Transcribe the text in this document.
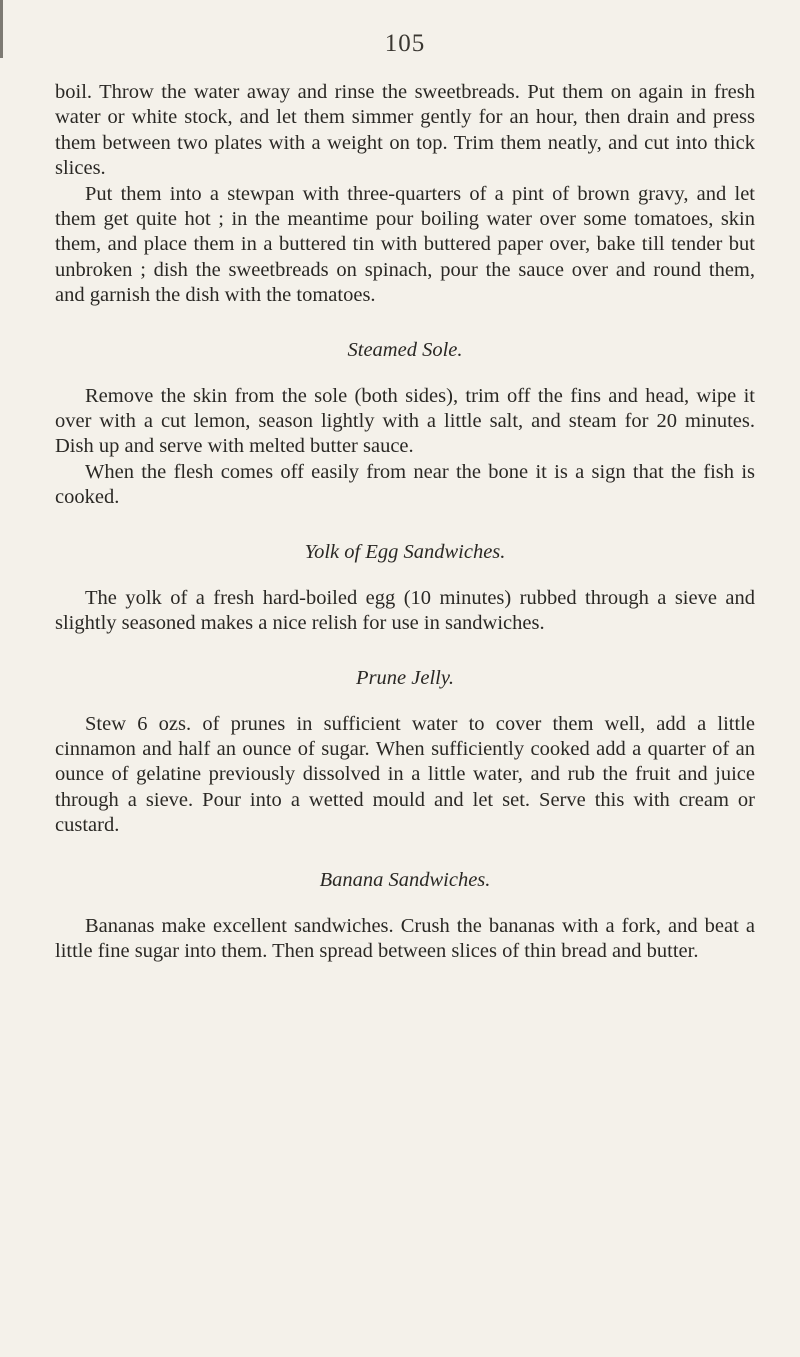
105

boil. Throw the water away and rinse the sweetbreads. Put them on again in fresh water or white stock, and let them simmer gently for an hour, then drain and press them between two plates with a weight on top. Trim them neatly, and cut into thick slices.

Put them into a stewpan with three-quarters of a pint of brown gravy, and let them get quite hot ; in the meantime pour boiling water over some tomatoes, skin them, and place them in a buttered tin with buttered paper over, bake till tender but unbroken ; dish the sweetbreads on spinach, pour the sauce over and round them, and garnish the dish with the tomatoes.

Steamed Sole.

Remove the skin from the sole (both sides), trim off the fins and head, wipe it over with a cut lemon, season lightly with a little salt, and steam for 20 minutes. Dish up and serve with melted butter sauce.

When the flesh comes off easily from near the bone it is a sign that the fish is cooked.

Yolk of Egg Sandwiches.

The yolk of a fresh hard-boiled egg (10 minutes) rubbed through a sieve and slightly seasoned makes a nice relish for use in sandwiches.

Prune Jelly.

Stew 6 ozs. of prunes in sufficient water to cover them well, add a little cinnamon and half an ounce of sugar. When sufficiently cooked add a quarter of an ounce of gelatine previously dissolved in a little water, and rub the fruit and juice through a sieve. Pour into a wetted mould and let set. Serve this with cream or custard.

Banana Sandwiches.

Bananas make excellent sandwiches. Crush the bananas with a fork, and beat a little fine sugar into them. Then spread between slices of thin bread and butter.
